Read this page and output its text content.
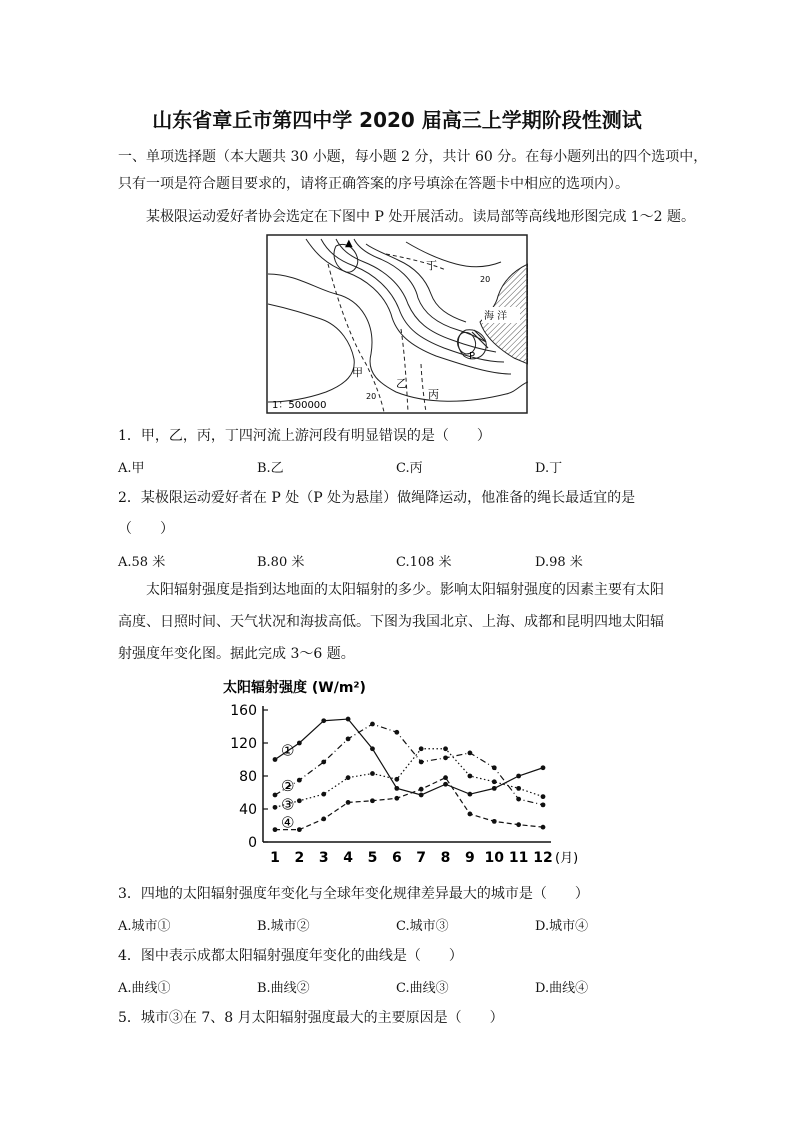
山东省章丘市第四中学 2020 届高三上学期阶段性测试
一、单项选择题（本大题共 30 小题，每小题 2 分，共计 60 分。在每小题列出的四个选项中，
只有一项是符合题目要求的，请将正确答案的序号填涂在答题卡中相应的选项内）。
某极限运动爱好者协会选定在下图中 P 处开展活动。读局部等高线地形图完成 1～2 题。
海 洋
▲
甲
乙
丙
丁
P
20
20
1：500000
1．甲，乙，丙，丁四河流上游河段有明显错误的是（　　）
A.甲	B.乙	C.丙	D.丁
2．某极限运动爱好者在 P 处（P 处为悬崖）做绳降运动，他准备的绳长最适宜的是
（　　）
A.58 米	B.80 米	C.108 米	D.98 米
太阳辐射强度是指到达地面的太阳辐射的多少。影响太阳辐射强度的因素主要有太阳
高度、日照时间、天气状况和海拔高低。下图为我国北京、上海、成都和昆明四地太阳辐
射强度年变化图。据此完成 3～6 题。
太阳辐射强度 (W/m²)
0
40
80
120
160
1 2 3 4 5 6 7 8 9 10 11 12 (月)
①
②
③
④
3．四地的太阳辐射强度年变化与全球年变化规律差异最大的城市是（　　）
A.城市①	B.城市②	C.城市③	D.城市④
4．图中表示成都太阳辐射强度年变化的曲线是（　　）
A.曲线①	B.曲线②	C.曲线③	D.曲线④
5．城市③在 7、8 月太阳辐射强度最大的主要原因是（　　）
